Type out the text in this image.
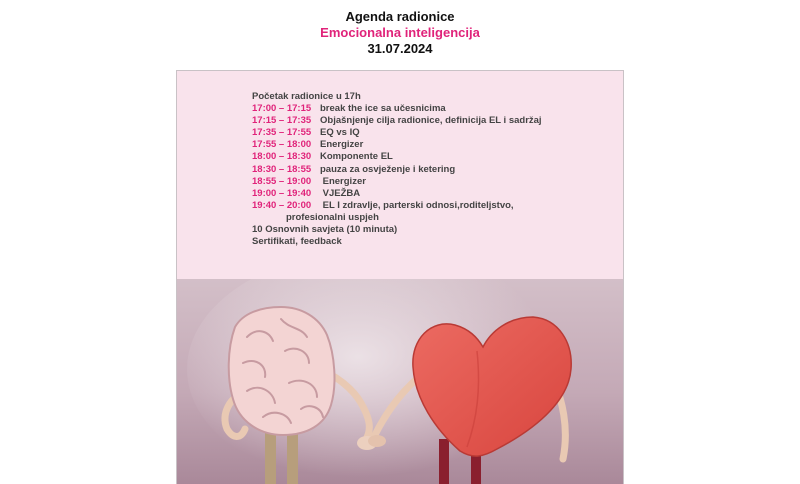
Agenda radionice
Emocionalna inteligencija
31.07.2024
Početak radionice u 17h
17:00 – 17:15 break the ice sa učesnicima
17:15 – 17:35 Objašnjenje cilja radionice, definicija EL i sadržaj
17:35 – 17:55 EQ vs IQ
17:55 – 18:00 Energizer
18:00 – 18:30 Komponente EL
18:30 – 18:55 pauza za osvježenje i ketering
18:55 – 19:00 Energizer
19:00 – 19:40 VJEŽBA
19:40 – 20:00 EL I zdravlje, parterski odnosi,roditeljstvo,
profesionalni uspjeh
10 Osnovnih savjeta (10 minuta)
Sertifikati, feedback
